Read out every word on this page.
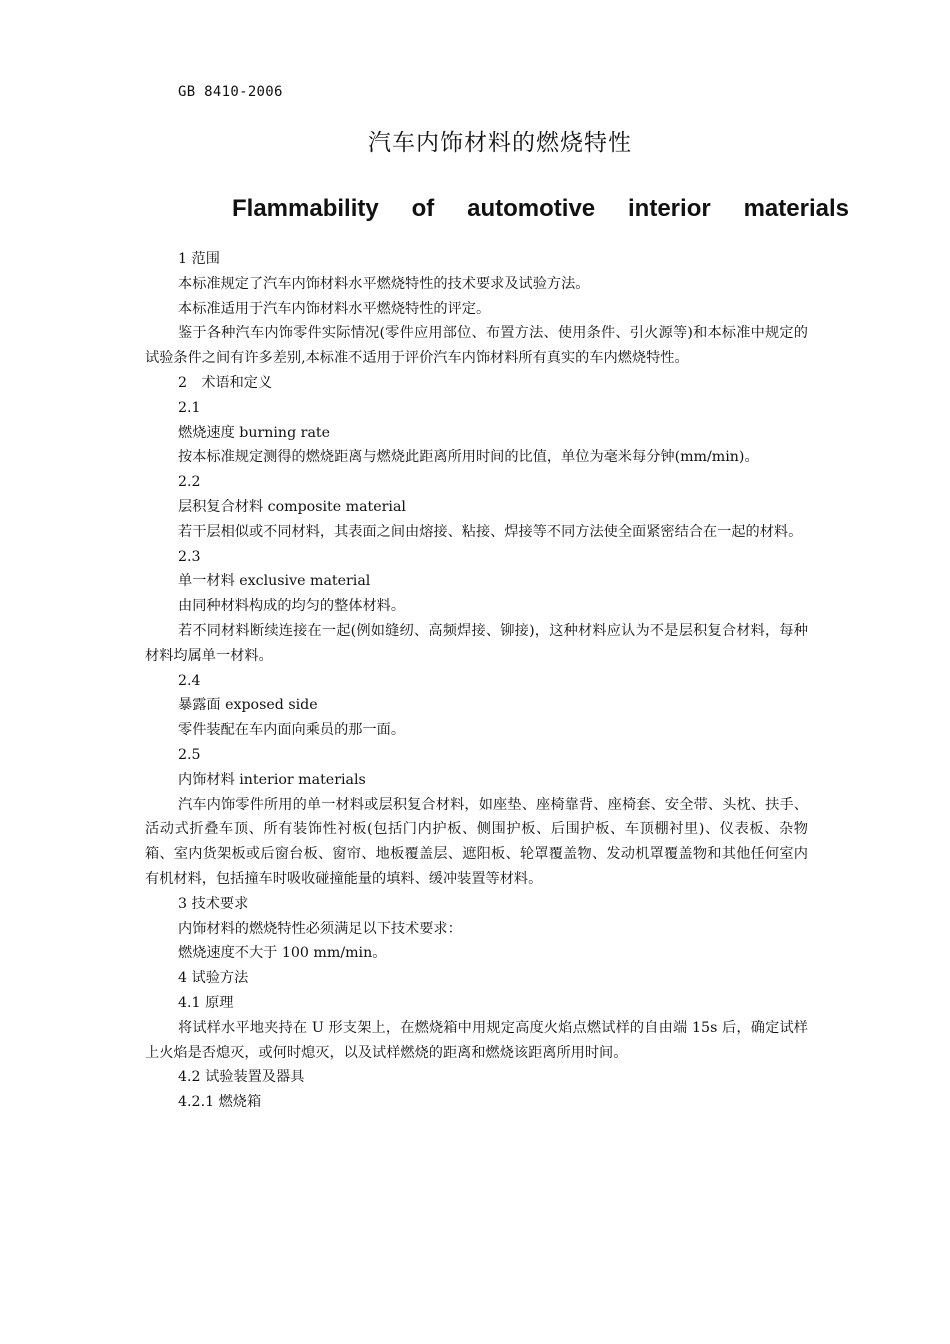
GB 8410-2006
汽车内饰材料的燃烧特性
Flammability of automotive interior materials

1 范围

本标准规定了汽车内饰材料水平燃烧特性的技术要求及试验方法。

本标准适用于汽车内饰材料水平燃烧特性的评定。

鉴于各种汽车内饰零件实际情况(零件应用部位、布置方法、使用条件、引火源等)和本标准中规定的试验条件之间有许多差别,本标准不适用于评价汽车内饰材料所有真实的车内燃烧特性。

2　术语和定义

2.1

燃烧速度 burning rate

按本标准规定测得的燃烧距离与燃烧此距离所用时间的比值，单位为毫米每分钟(mm/min)。

2.2

层积复合材料 composite material

若干层相似或不同材料，其表面之间由熔接、粘接、焊接等不同方法使全面紧密结合在一起的材料。

2.3

单一材料 exclusive material

由同种材料构成的均匀的整体材料。

若不同材料断续连接在一起(例如缝纫、高频焊接、铆接)，这种材料应认为不是层积复合材料，每种材料均属单一材料。

2.4

暴露面 exposed side

零件装配在车内面向乘员的那一面。

2.5

内饰材料 interior materials

汽车内饰零件所用的单一材料或层积复合材料，如座垫、座椅靠背、座椅套、安全带、头枕、扶手、活动式折叠车顶、所有装饰性衬板(包括门内护板、侧围护板、后围护板、车顶棚衬里)、仪表板、杂物箱、室内货架板或后窗台板、窗帘、地板覆盖层、遮阳板、轮罩覆盖物、发动机罩覆盖物和其他任何室内有机材料，包括撞车时吸收碰撞能量的填料、缓冲装置等材料。

3 技术要求

内饰材料的燃烧特性必须满足以下技术要求：

燃烧速度不大于 100 mm/min。

4 试验方法

4.1 原理

将试样水平地夹持在 U 形支架上，在燃烧箱中用规定高度火焰点燃试样的自由端 15s 后，确定试样上火焰是否熄灭，或何时熄灭，以及试样燃烧的距离和燃烧该距离所用时间。

4.2 试验装置及器具

4.2.1 燃烧箱
